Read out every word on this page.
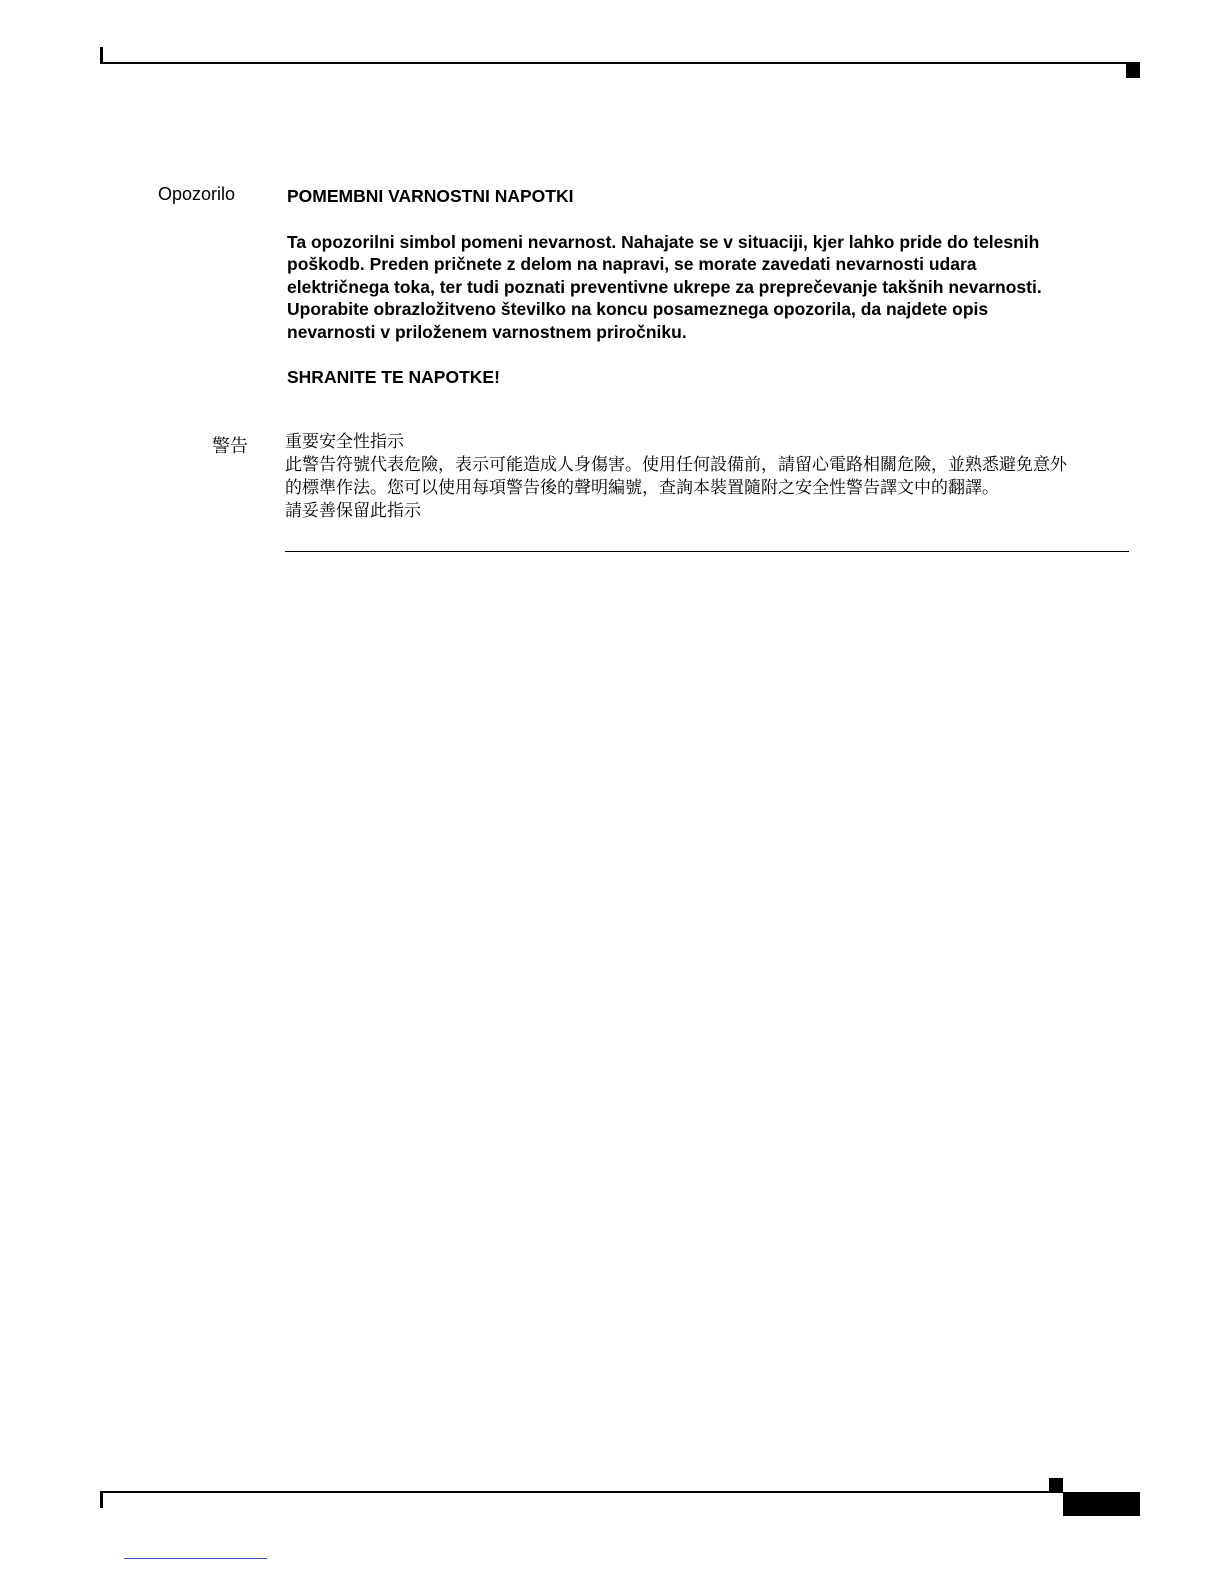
Opozorilo	POMEMBNI VARNOSTNI NAPOTKI

Ta opozorilni simbol pomeni nevarnost. Nahajate se v situaciji, kjer lahko pride do telesnih
poškodb. Preden pričnete z delom na napravi, se morate zavedati nevarnosti udara
električnega toka, ter tudi poznati preventivne ukrepe za preprečevanje takšnih nevarnosti.
Uporabite obrazložitveno številko na koncu posameznega opozorila, da najdete opis
nevarnosti v priloženem varnostnem priročniku.

SHRANITE TE NAPOTKE!

警告 重要安全性指示
此警告符號代表危險，表示可能造成人身傷害。使用任何設備前，請留心電路相關危險，並熟悉避免意外
的標準作法。您可以使用每項警告後的聲明編號，查詢本裝置隨附之安全性警告譯文中的翻譯。
請妥善保留此指示
